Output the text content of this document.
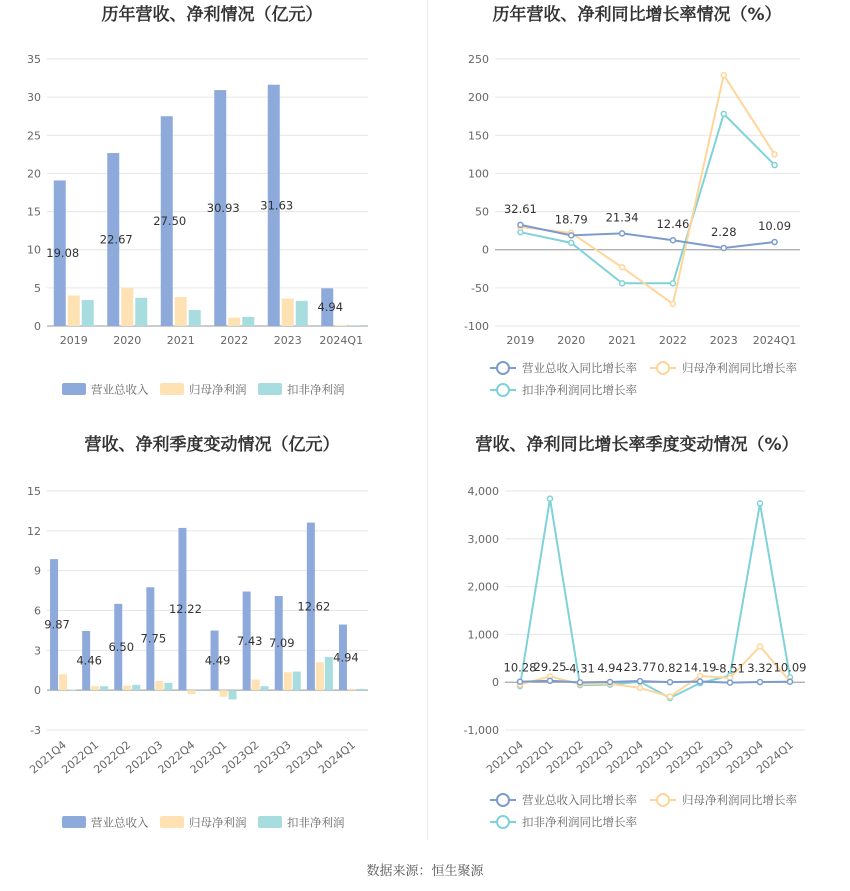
历年营收、净利情况（亿元）
0
5
10
15
20
25
30
35
19.08
22.67
27.50
30.93 31.63
4.94
2019 2020 2021 2022 2023 2024Q1
营业总收入	归母净利润	扣非净利润
历年营收、净利同比增长率情况（%）
-100
-50
0
50
100
150
200
250
32.61
18.79 21.34 12.46
2.28 10.09
2019 2020 2021 2022 2023 2024Q1
营业总收入同比增长率	归母净利润同比增长率
扣非净利润同比增长率
营收、净利季度变动情况（亿元）
-3
0
3
6
9
12
15
9.87
4.46
6.50
7.75
12.22
4.49
7.43 7.09
12.62
4.94
2021Q4
2022Q1
2022Q2
2022Q3
2022Q4
2023Q1
2023Q2
2023Q3
2023Q4
2024Q1
营业总收入	归母净利润	扣非净利润
营收、净利同比增长率季度变动情况（%）
-1,000
0
1,000
2,000
3,000
4,000
10.28
29.25
-4.31 4.94 23.77 0.82 14.19
-8.51 3.32 10.09
2021Q4
2022Q1
2022Q2
2022Q3
2022Q4
2023Q1
2023Q2
2023Q3
2023Q4
2024Q1
营业总收入同比增长率	归母净利润同比增长率
扣非净利润同比增长率
数据来源：恒生聚源
